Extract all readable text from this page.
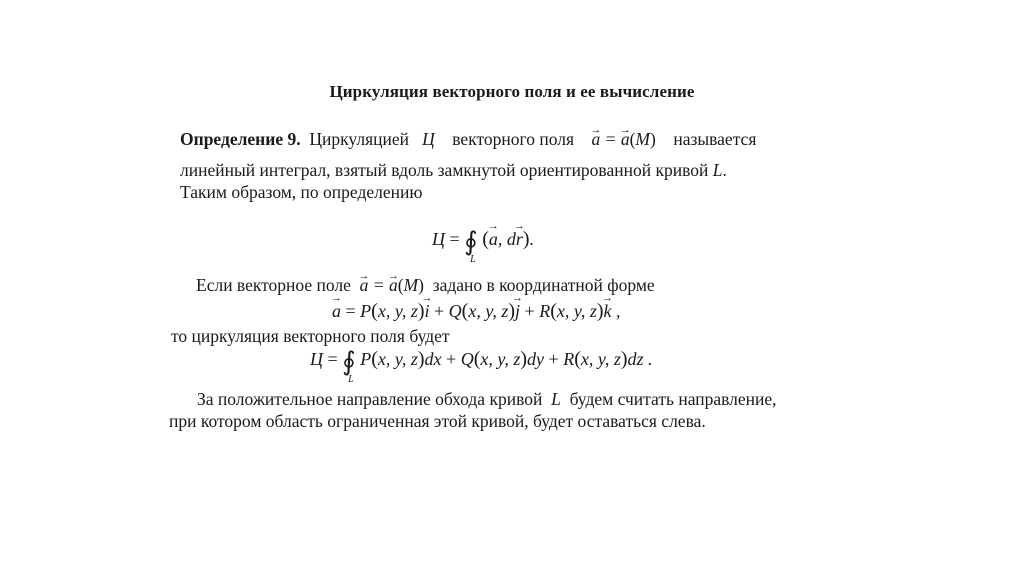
Циркуляция векторного поля и ее вычисление
Определение 9. Циркуляцией Ц векторного поля → a = → a(M) называется
линейный интеграл, взятый вдоль замкнутой ориентированной кривой L.
Таким образом, по определению
Ц = ∮
L
(→ a, d→ r).
Если векторное поле → a = → a(M) задано в координатной форме
→ a = P(x, y, z)→ i + Q(x, y, z)→ j + R(x, y, z)→ k ,
то циркуляция векторного поля будет
Ц = ∮
L
P(x, y, z)dx + Q(x, y, z)dy + R(x, y, z)dz .
За положительное направление обхода кривой L будем считать направление,
при котором область ограниченная этой кривой, будет оставаться слева.
